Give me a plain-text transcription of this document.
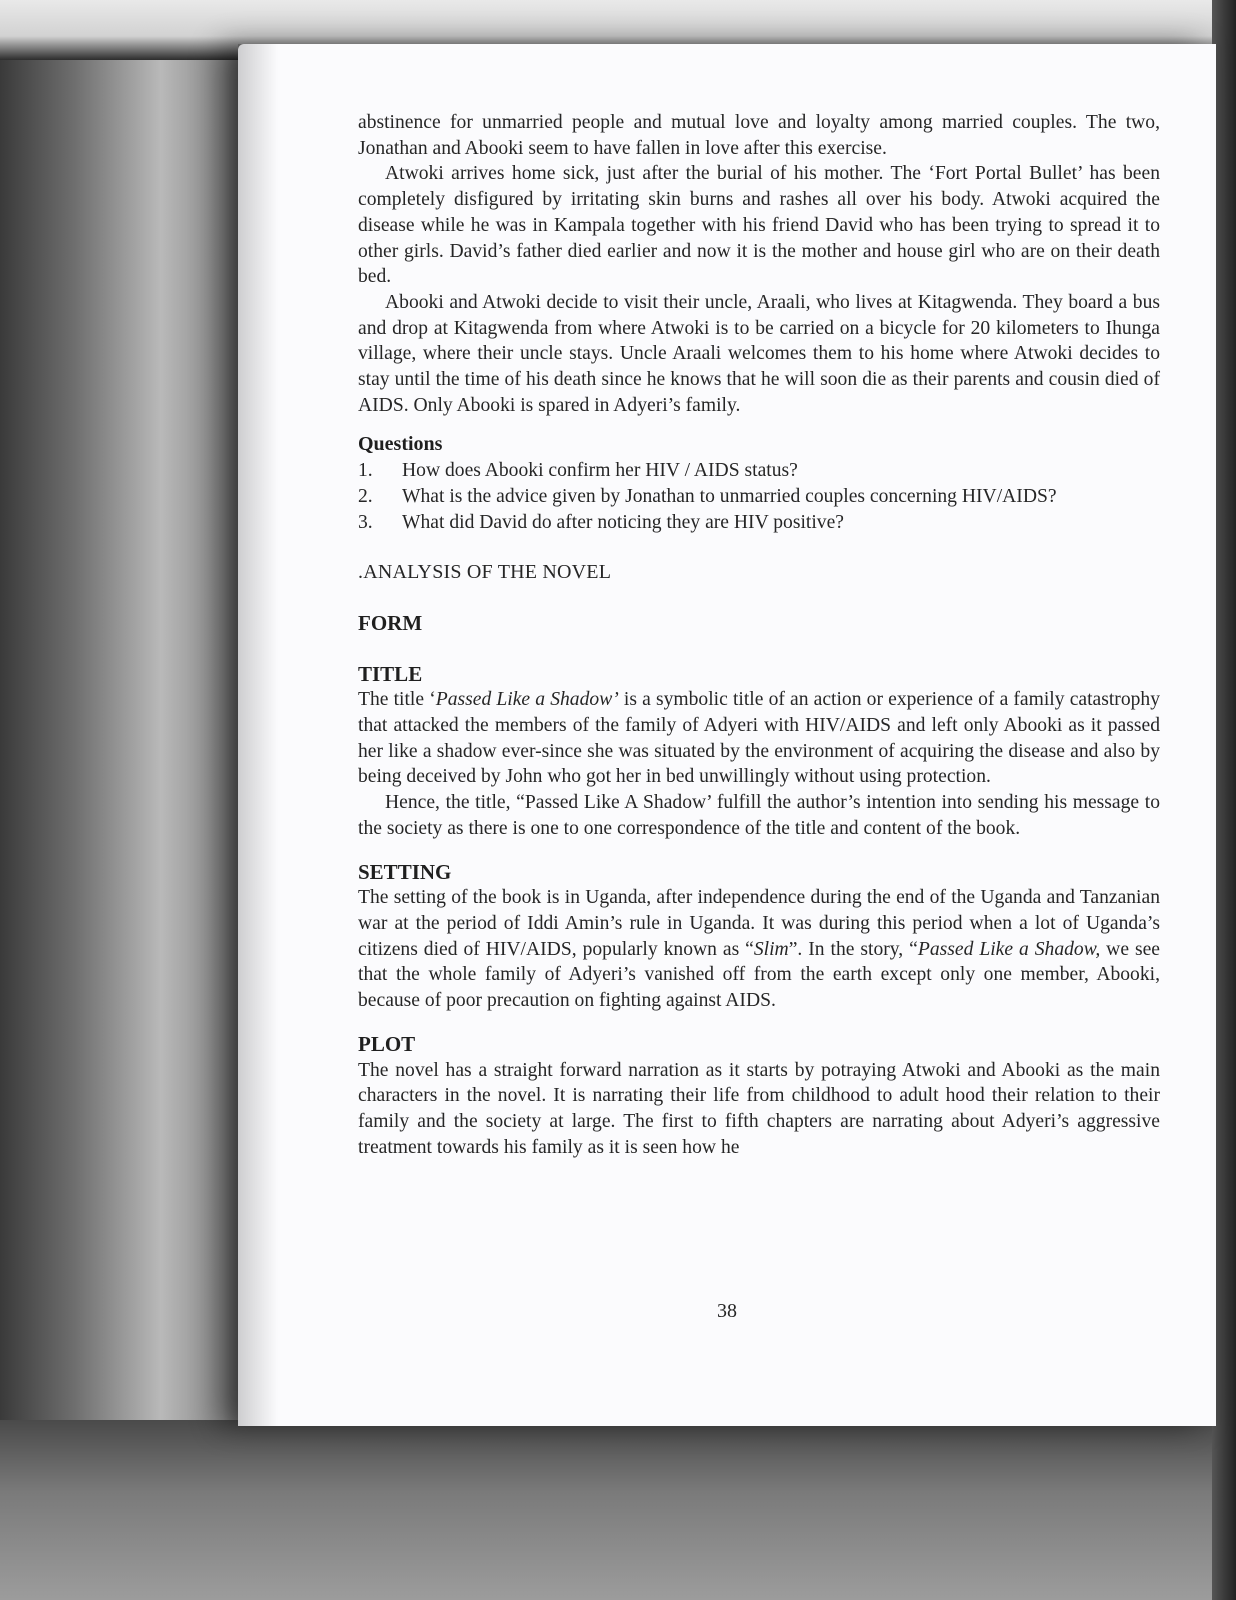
abstinence for unmarried people and mutual love and loyalty among married couples. The two, Jonathan and Abooki seem to have fallen in love after this exercise.

Atwoki arrives home sick, just after the burial of his mother. The ‘Fort Portal Bullet’ has been completely disfigured by irritating skin burns and rashes all over his body. Atwoki acquired the disease while he was in Kampala together with his friend David who has been trying to spread it to other girls. David’s father died earlier and now it is the mother and house girl who are on their death bed.

Abooki and Atwoki decide to visit their uncle, Araali, who lives at Kitagwenda. They board a bus and drop at Kitagwenda from where Atwoki is to be carried on a bicycle for 20 kilometers to Ihunga village, where their uncle stays. Uncle Araali welcomes them to his home where Atwoki decides to stay until the time of his death since he knows that he will soon die as their parents and cousin died of AIDS. Only Abooki is spared in Adyeri’s family.

Questions

1.	How does Abooki confirm her HIV / AIDS status?
2.	What is the advice given by Jonathan to unmarried couples concerning HIV/AIDS?
3.	What did David do after noticing they are HIV positive?

.ANALYSIS OF THE NOVEL

FORM

TITLE

The title ‘Passed Like a Shadow’ is a symbolic title of an action or experience of a family catastrophy that attacked the members of the family of Adyeri with HIV/AIDS and left only Abooki as it passed her like a shadow ever-since she was situated by the environment of acquiring the disease and also by being deceived by John who got her in bed unwillingly without using protection.

Hence, the title, “Passed Like A Shadow’ fulfill the author’s intention into sending his message to the society as there is one to one correspondence of the title and content of the book.

SETTING

The setting of the book is in Uganda, after independence during the end of the Uganda and Tanzanian war at the period of Iddi Amin’s rule in Uganda. It was during this period when a lot of Uganda’s citizens died of HIV/AIDS, popularly known as “Slim”. In the story, “Passed Like a Shadow, we see that the whole family of Adyeri’s vanished off from the earth except only one member, Abooki, because of poor precaution on fighting against AIDS.

PLOT

The novel has a straight forward narration as it starts by potraying Atwoki and Abooki as the main characters in the novel. It is narrating their life from childhood to adult hood their relation to their family and the society at large. The first to fifth chapters are narrating about Adyeri’s aggressive treatment towards his family as it is seen how he

38
